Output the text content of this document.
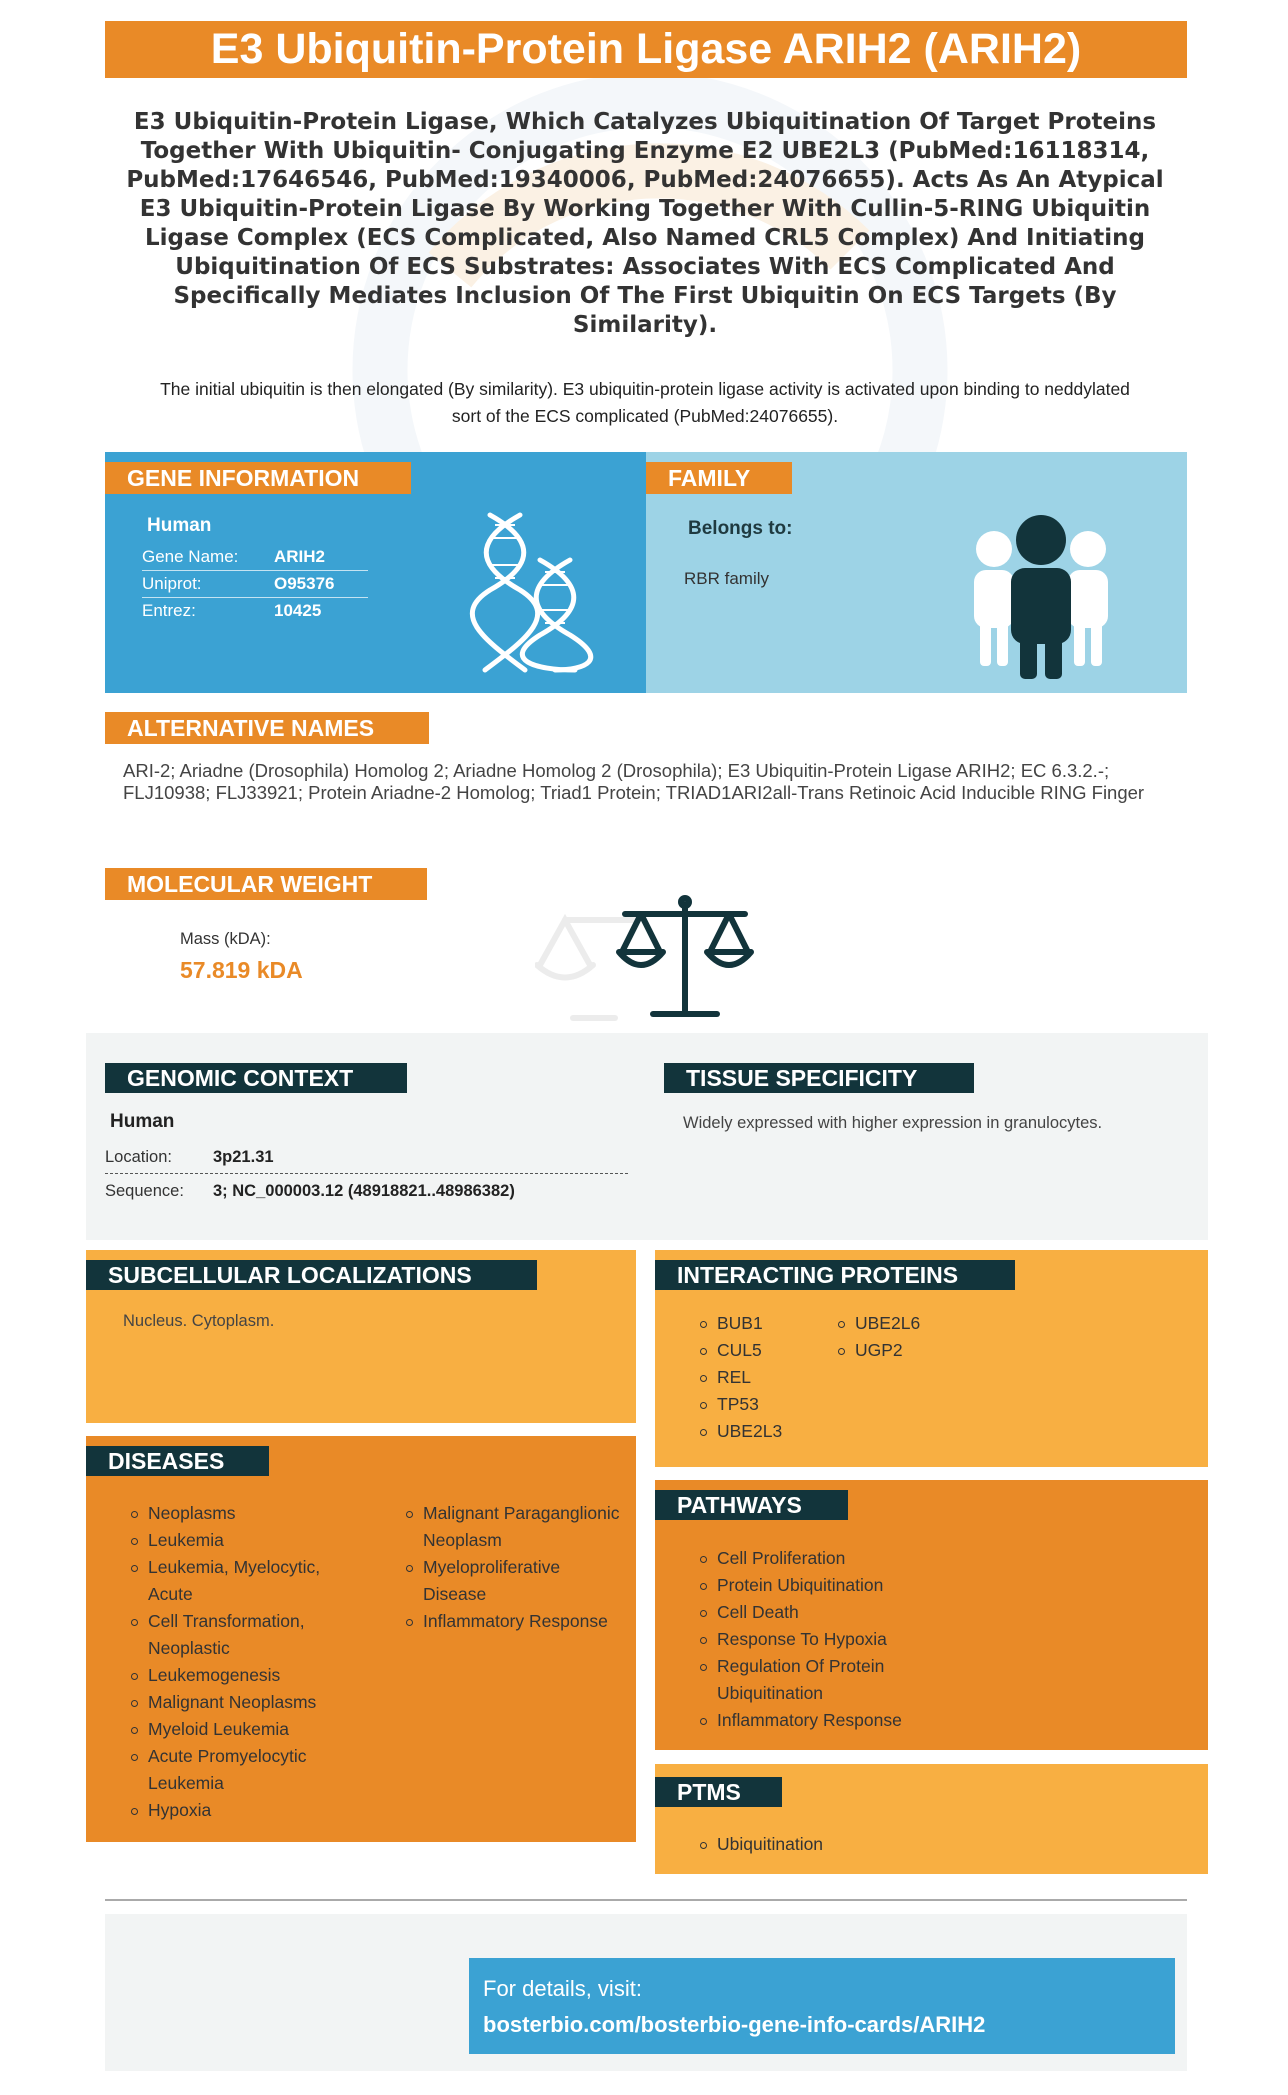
E3 Ubiquitin-Protein Ligase ARIH2 (ARIH2)
E3 Ubiquitin-Protein Ligase, Which Catalyzes Ubiquitination Of Target Proteins Together With Ubiquitin- Conjugating Enzyme E2 UBE2L3 (PubMed:16118314, PubMed:17646546, PubMed:19340006, PubMed:24076655). Acts As An Atypical E3 Ubiquitin-Protein Ligase By Working Together With Cullin-5-RING Ubiquitin Ligase Complex (ECS Complicated, Also Named CRL5 Complex) And Initiating Ubiquitination Of ECS Substrates: Associates With ECS Complicated And Specifically Mediates Inclusion Of The First Ubiquitin On ECS Targets (By Similarity).
The initial ubiquitin is then elongated (By similarity). E3 ubiquitin-protein ligase activity is activated upon binding to neddylated sort of the ECS complicated (PubMed:24076655).
GENE INFORMATION
Human
Gene Name: ARIH2
Uniprot:	O95376
Entrez:	10425
FAMILY
Belongs to:
RBR family
ALTERNATIVE NAMES
ARI-2; Ariadne (Drosophila) Homolog 2; Ariadne Homolog 2 (Drosophila); E3 Ubiquitin-Protein Ligase ARIH2; EC 6.3.2.-; FLJ10938; FLJ33921; Protein Ariadne-2 Homolog; Triad1 Protein; TRIAD1ARI2all-Trans Retinoic Acid Inducible RING Finger
MOLECULAR WEIGHT
Mass (kDA):
57.819 kDA
GENOMIC CONTEXT
Human
Location: 3p21.31
Sequence: 3; NC_000003.12 (48918821..48986382)
TISSUE SPECIFICITY
Widely expressed with higher expression in granulocytes.
SUBCELLULAR LOCALIZATIONS
Nucleus. Cytoplasm.
INTERACTING PROTEINS
BUB1
CUL5
REL
TP53
UBE2L3
UBE2L6
UGP2
DISEASES
Neoplasms
Leukemia
Leukemia, Myelocytic, Acute
Cell Transformation, Neoplastic
Leukemogenesis
Malignant Neoplasms
Myeloid Leukemia
Acute Promyelocytic Leukemia
Hypoxia
Malignant Paraganglionic Neoplasm
Myeloproliferative Disease
Inflammatory Response
PATHWAYS
Cell Proliferation
Protein Ubiquitination
Cell Death
Response To Hypoxia
Regulation Of Protein Ubiquitination
Inflammatory Response
PTMS
Ubiquitination
For details, visit:
bosterbio.com/bosterbio-gene-info-cards/ARIH2
